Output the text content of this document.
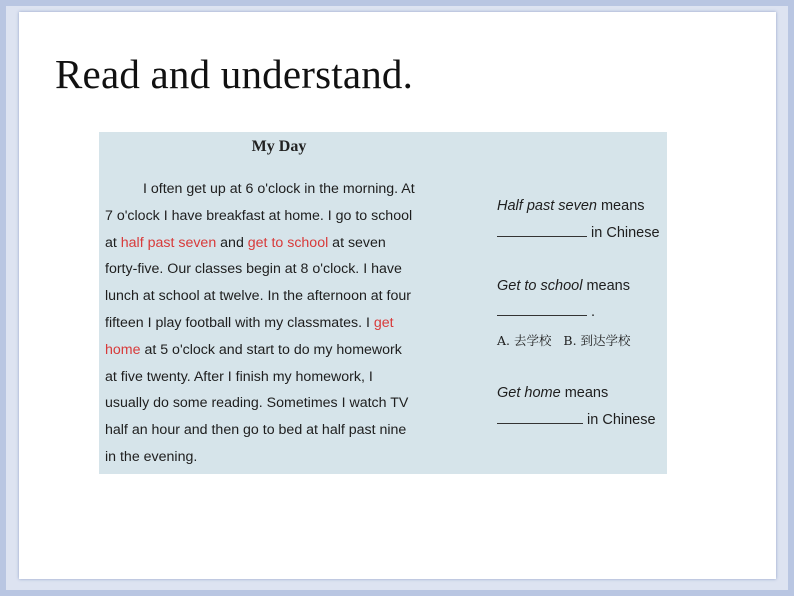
Read and understand.
My Day
I often get up at 6 o'clock in the morning. At
7 o'clock I have breakfast at home. I go to school
at half past seven and get to school at seven
forty-five. Our classes begin at 8 o'clock. I have
lunch at school at twelve. In the afternoon at four
fifteen I play football with my classmates. I get
home at 5 o'clock and start to do my homework
at five twenty. After I finish my homework, I
usually do some reading. Sometimes I watch TV
half an hour and then go to bed at half past nine
in the evening.
Half past seven means
in Chinese
Get to school means
.
A. 去学校 B. 到达学校
Get home means
in Chinese
